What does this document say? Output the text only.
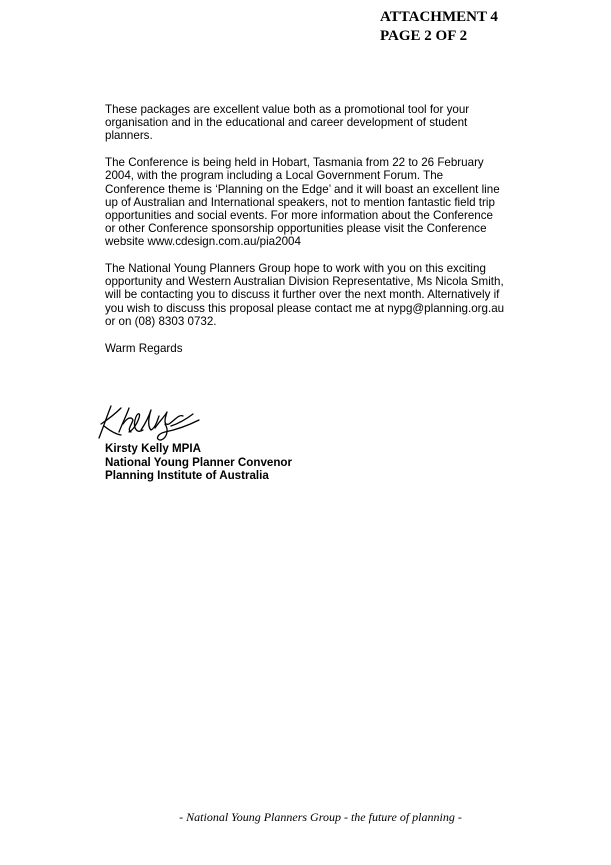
ATTACHMENT 4
PAGE 2 OF 2

These packages are excellent value both as a promotional tool for your
organisation and in the educational and career development of student
planners.

The Conference is being held in Hobart, Tasmania from 22 to 26 February
2004, with the program including a Local Government Forum. The
Conference theme is ‘Planning on the Edge’ and it will boast an excellent line
up of Australian and International speakers, not to mention fantastic field trip
opportunities and social events. For more information about the Conference
or other Conference sponsorship opportunities please visit the Conference
website www.cdesign.com.au/pia2004

The National Young Planners Group hope to work with you on this exciting
opportunity and Western Australian Division Representative, Ms Nicola Smith,
will be contacting you to discuss it further over the next month. Alternatively if
you wish to discuss this proposal please contact me at nypg@planning.org.au
or on (08) 8303 0732.

Warm Regards

Kirsty Kelly MPIA
National Young Planner Convenor
Planning Institute of Australia
- National Young Planners Group - the future of planning -
